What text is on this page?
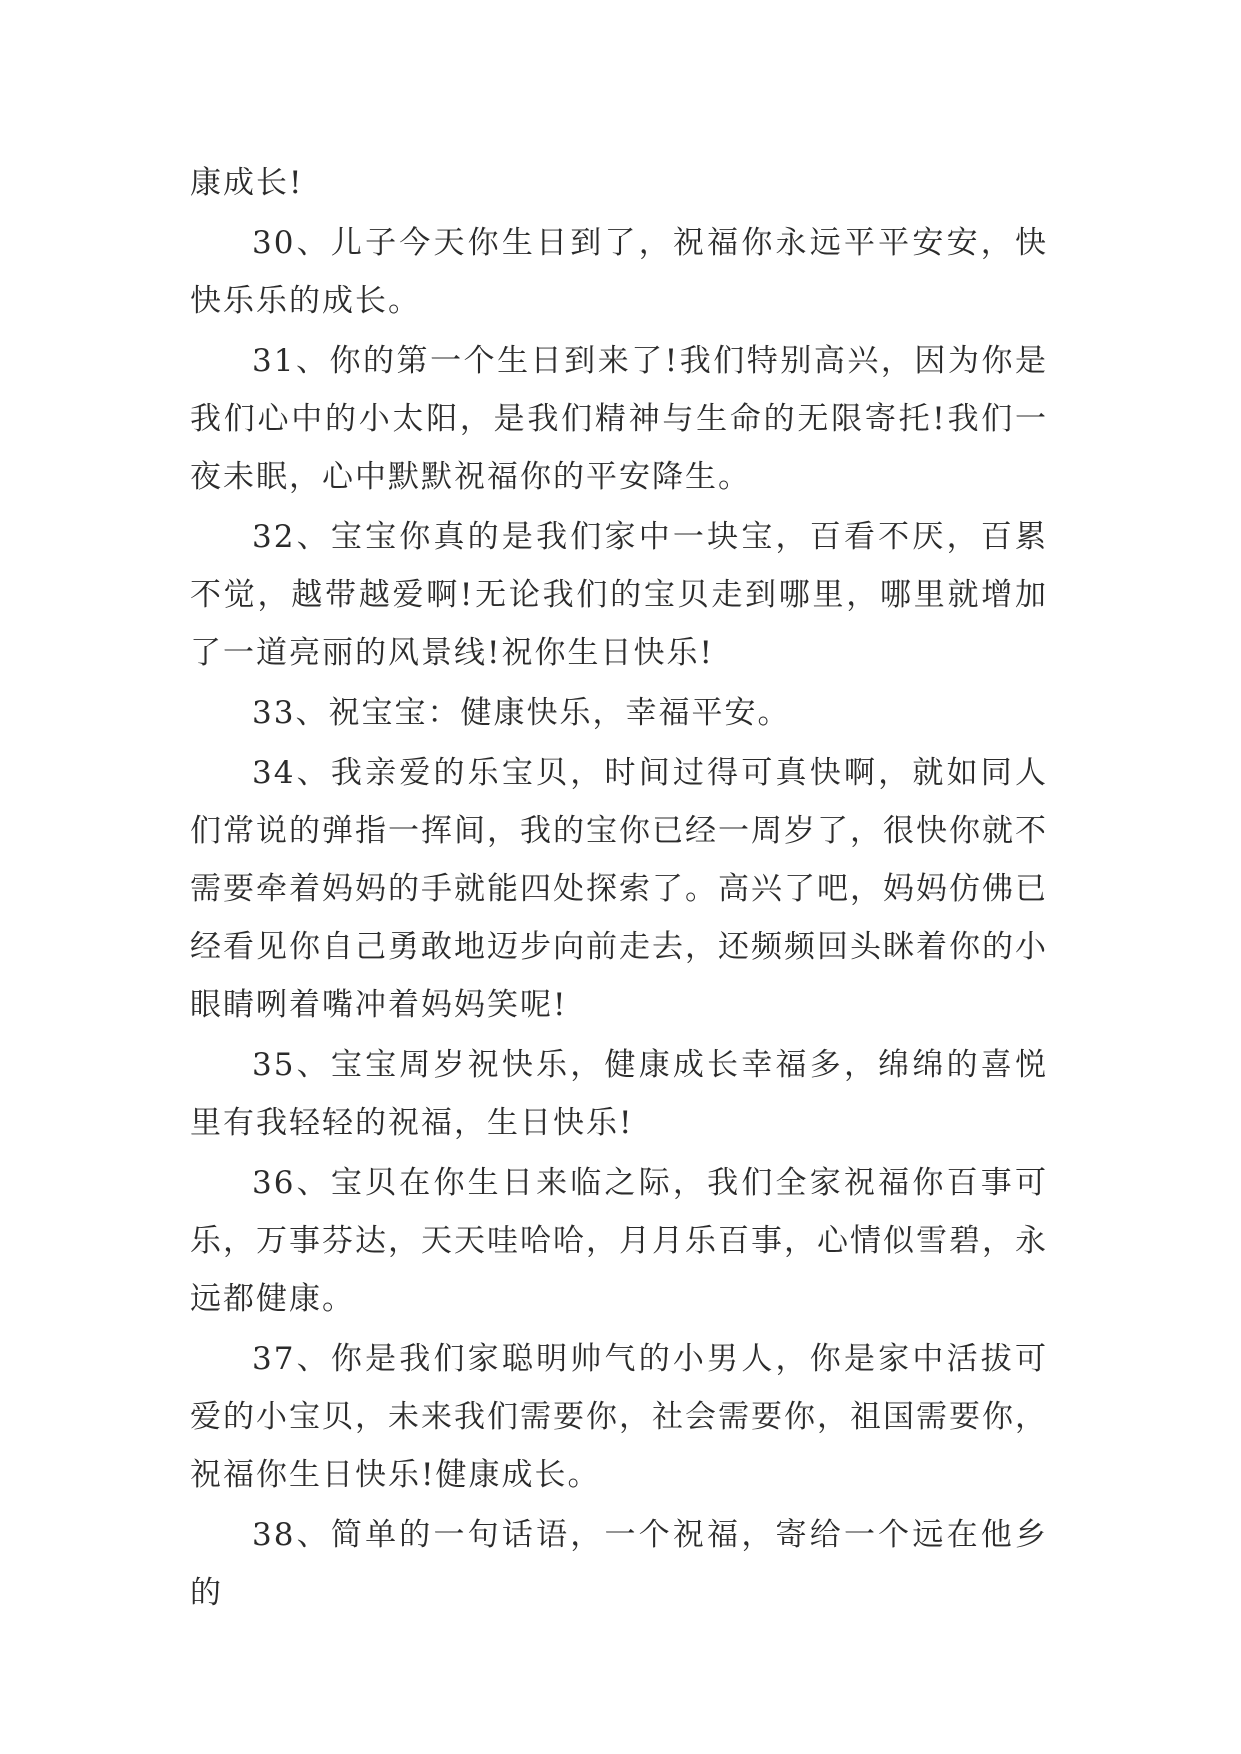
康成长!

30、儿子今天你生日到了，祝福你永远平平安安，快快乐乐的成长。

31、你的第一个生日到来了!我们特别高兴，因为你是我们心中的小太阳，是我们精神与生命的无限寄托!我们一夜未眠，心中默默祝福你的平安降生。

32、宝宝你真的是我们家中一块宝，百看不厌，百累不觉，越带越爱啊!无论我们的宝贝走到哪里，哪里就增加了一道亮丽的风景线!祝你生日快乐!

33、祝宝宝：健康快乐，幸福平安。

34、我亲爱的乐宝贝，时间过得可真快啊，就如同人们常说的弹指一挥间，我的宝你已经一周岁了，很快你就不需要牵着妈妈的手就能四处探索了。高兴了吧，妈妈仿佛已经看见你自己勇敢地迈步向前走去，还频频回头眯着你的小眼睛咧着嘴冲着妈妈笑呢!

35、宝宝周岁祝快乐，健康成长幸福多，绵绵的喜悦里有我轻轻的祝福，生日快乐!

36、宝贝在你生日来临之际，我们全家祝福你百事可乐，万事芬达，天天哇哈哈，月月乐百事，心情似雪碧，永远都健康。

37、你是我们家聪明帅气的小男人，你是家中活拔可爱的小宝贝，未来我们需要你，社会需要你，祖国需要你，祝福你生日快乐!健康成长。

38、简单的一句话语，一个祝福，寄给一个远在他乡的
